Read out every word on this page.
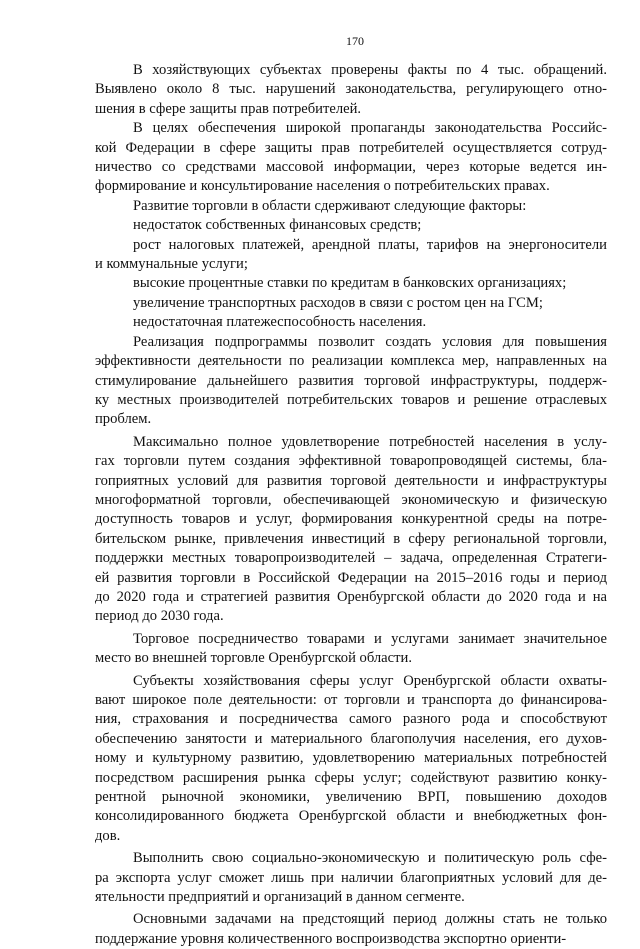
170

В хозяйствующих субъектах проверены факты по 4 тыс. обращений.
Выявлено около 8 тыс. нарушений законодательства, регулирующего отно-
шения в сфере защиты прав потребителей.

В целях обеспечения широкой пропаганды законодательства Российс-
кой Федерации в сфере защиты прав потребителей осуществляется сотруд-
ничество со средствами массовой информации, через которые ведется ин-
формирование и консультирование населения о потребительских правах.

Развитие торговли в области сдерживают следующие факторы:

недостаток собственных финансовых средств;

рост налоговых платежей, арендной платы, тарифов на энергоносители
и коммунальные услуги;

высокие процентные ставки по кредитам в банковских организациях;

увеличение транспортных расходов в связи с ростом цен на ГСМ;

недостаточная платежеспособность населения.

Реализация подпрограммы позволит создать условия для повышения
эффективности деятельности по реализации комплекса мер, направленных на
стимулирование дальнейшего развития торговой инфраструктуры, поддерж-
ку местных производителей потребительских товаров и решение отраслевых
проблем.

Максимально полное удовлетворение потребностей населения в услу-
гах торговли путем создания эффективной товаропроводящей системы, бла-
гоприятных условий для развития торговой деятельности и инфраструктуры
многоформатной торговли, обеспечивающей экономическую и физическую
доступность товаров и услуг, формирования конкурентной среды на потре-
бительском рынке, привлечения инвестиций в сферу региональной торговли,
поддержки местных товаропроизводителей – задача, определенная Стратеги-
ей развития торговли в Российской Федерации на 2015–2016 годы и период
до 2020 года и стратегией развития Оренбургской области до 2020 года и на
период до 2030 года.

Торговое посредничество товарами и услугами занимает значительное
место во внешней торговле Оренбургской области.

Субъекты хозяйствования сферы услуг Оренбургской области охваты-
вают широкое поле деятельности: от торговли и транспорта до финансирова-
ния, страхования и посредничества самого разного рода и способствуют
обеспечению занятости и материального благополучия населения, его духов-
ному и культурному развитию, удовлетворению материальных потребностей
посредством расширения рынка сферы услуг; содействуют развитию конку-
рентной рыночной экономики, увеличению ВРП, повышению доходов
консолидированного бюджета Оренбургской области и внебюджетных фон-
дов.

Выполнить свою социально-экономическую и политическую роль сфе-
ра экспорта услуг сможет лишь при наличии благоприятных условий для де-
ятельности предприятий и организаций в данном сегменте.

Основными задачами на предстоящий период должны стать не только
поддержание уровня количественного воспроизводства экспортно ориенти-
